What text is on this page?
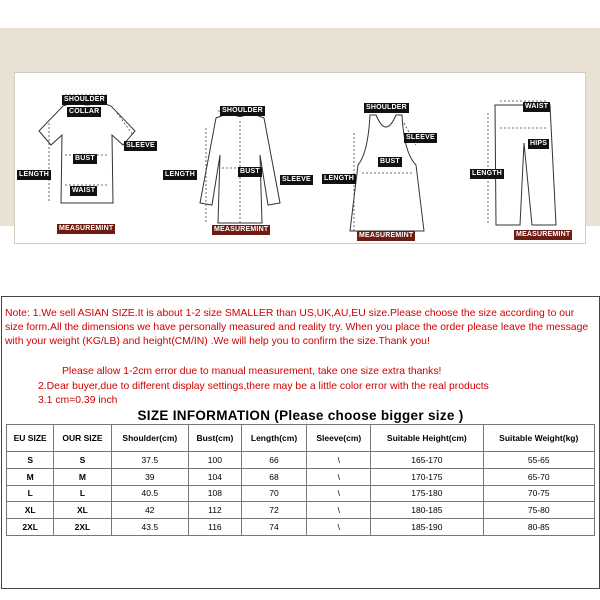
SHOULDER
COLLAR
SLEEVE
LENGTH
BUST
WAIST
MEASUREMINT
SHOULDER
LENGTH	BUST
SLEEVE
MEASUREMINT
SHOULDER
SLEEVE
LENGTH
BUST
MEASUREMINT
WAIST
HIPS
LENGTH
MEASUREMINT
Note: 1.We sell ASIAN SIZE.It is about 1-2 size SMALLER than US,UK,AU,EU size.Please choose the size according to our size form.All the dimensions we have personally measured and reality try. When you place the order please leave the message with your weight (KG/LB) and height(CM/IN) .We will help you to confirm the size.Thank you!
Please allow 1-2cm error due to manual measurement, take one size extra thanks!
2.Dear buyer,due to different display settings,there may be a little color error with the real products
3.1 cm=0.39 inch
SIZE INFORMATION (Please choose bigger size )
EU SIZE	OUR SIZE	Shoulder(cm)	Bust(cm)	Length(cm)	Sleeve(cm)	Suitable Height(cm)	Suitable Weight(kg)
S	S	37.5	100	66	\	165-170	55-65
M	M	39	104	68	\	170-175	65-70
L	L	40.5	108	70	\	175-180	70-75
XL	XL	42	112	72	\	180-185	75-80
2XL	2XL	43.5	116	74	\	185-190	80-85
